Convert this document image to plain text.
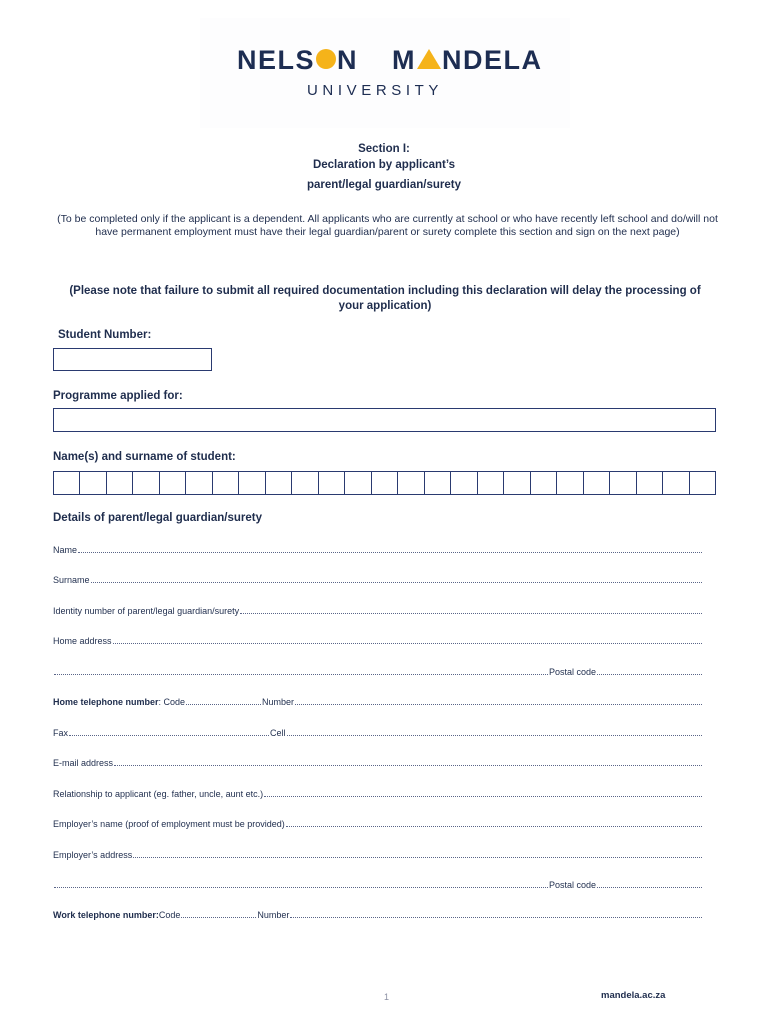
NELS N M NDELA
UNIVERSITY
Section I:
Declaration by applicant’s
parent/legal guardian/surety
(To be completed only if the applicant is a dependent. All applicants who are currently at school or who have recently left school and do/will not have permanent employment must have their legal guardian/parent or surety complete this section and sign on the next page)
(Please note that failure to submit all required documentation including this declaration will delay the processing of your application)
Student Number:
Programme applied for:
Name(s) and surname of student:
Details of parent/legal guardian/surety
Name
Surname
Identity number of parent/legal guardian/surety
Home address
Postal code
Home telephone number : Code	Number
Fax	Cell
E-mail address
Relationship to applicant (eg. father, uncle, aunt etc.)
Employer’s name (proof of employment must be provided)
Employer’s address
Postal code
Work telephone number: Code	Number
1	mandela.ac.za
